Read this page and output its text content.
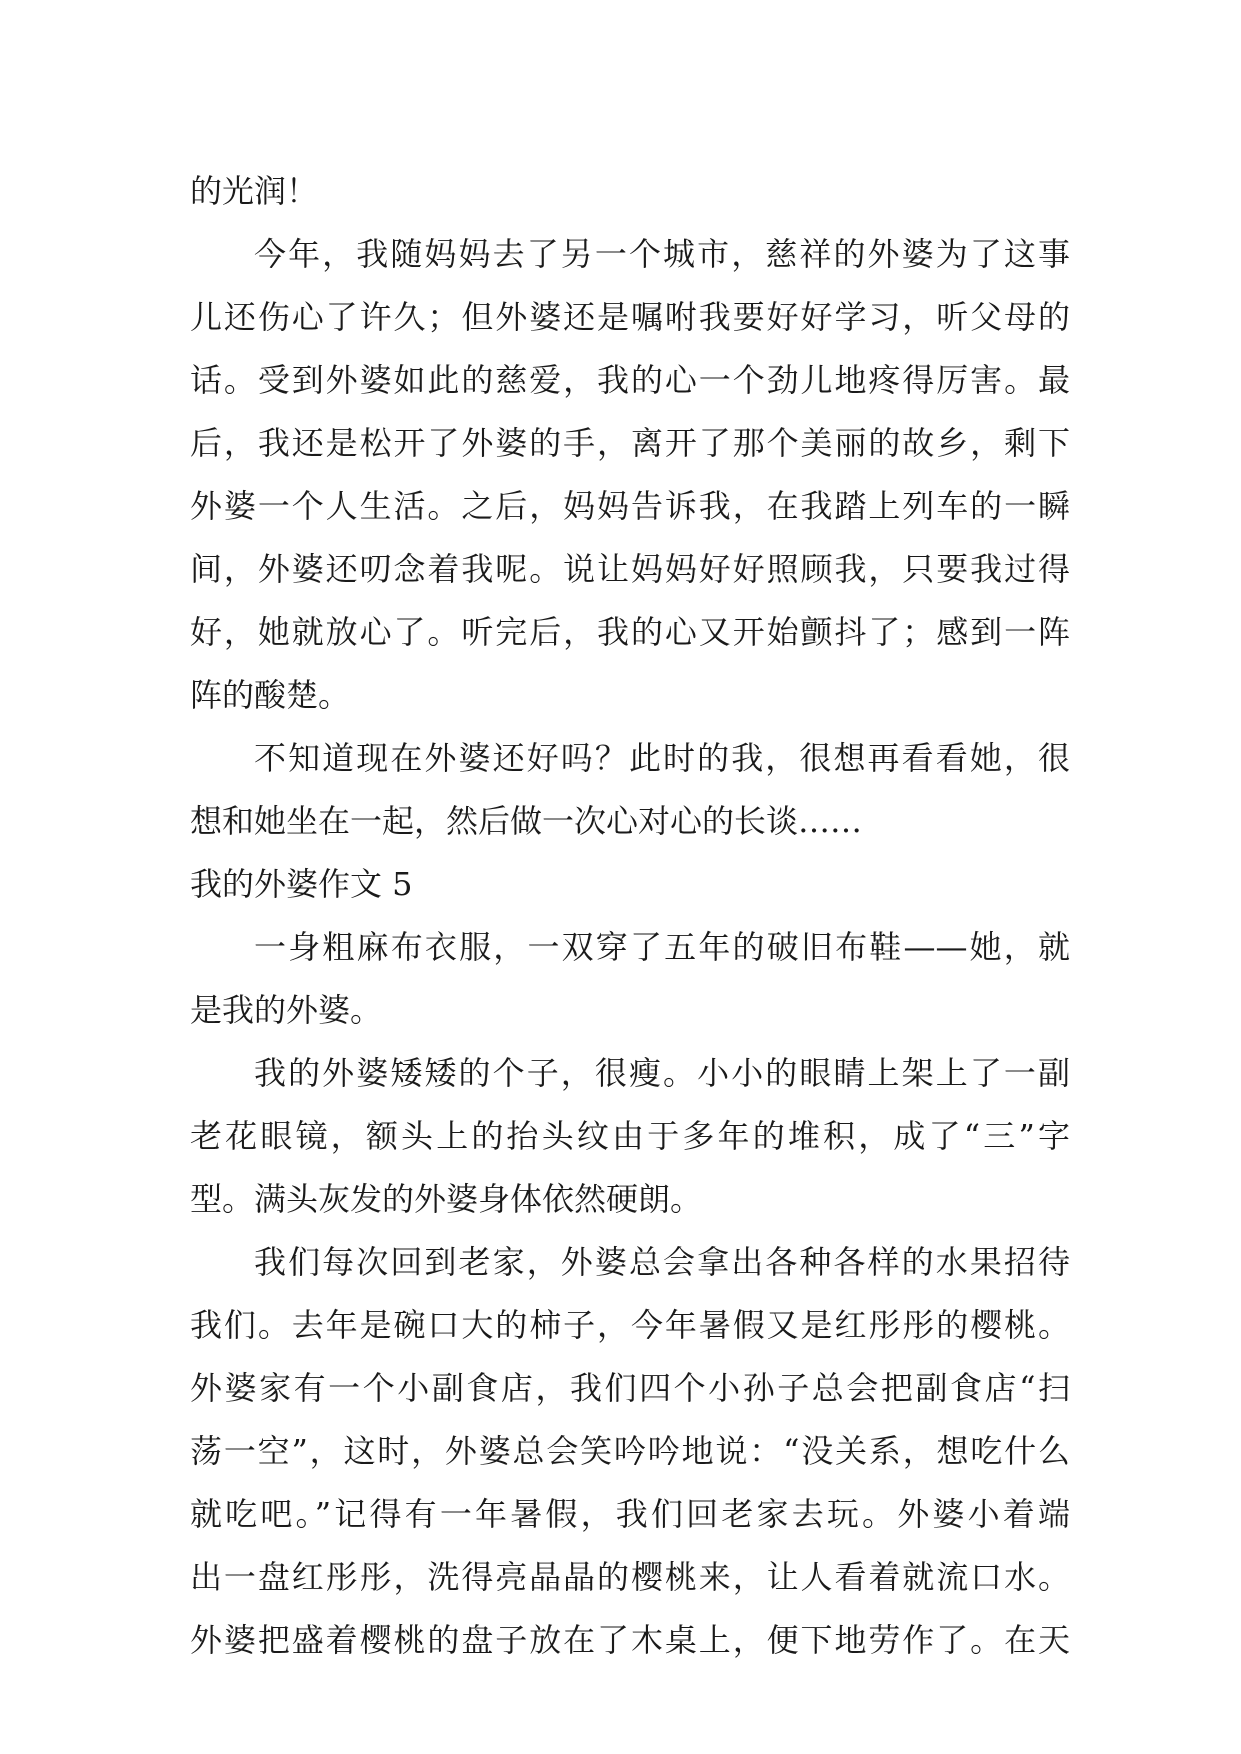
的光润！
今年，我随妈妈去了另一个城市，慈祥的外婆为了这事
儿还伤心了许久；但外婆还是嘱咐我要好好学习，听父母的
话。受到外婆如此的慈爱，我的心一个劲儿地疼得厉害。最
后，我还是松开了外婆的手，离开了那个美丽的故乡，剩下
外婆一个人生活。之后，妈妈告诉我，在我踏上列车的一瞬
间，外婆还叨念着我呢。说让妈妈好好照顾我，只要我过得
好，她就放心了。听完后，我的心又开始颤抖了；感到一阵
阵的酸楚。
不知道现在外婆还好吗？此时的我，很想再看看她，很
想和她坐在一起，然后做一次心对心的长谈……
我的外婆作文 5
一身粗麻布衣服，一双穿了五年的破旧布鞋——她，就
是我的外婆。
我的外婆矮矮的个子，很瘦。小小的眼睛上架上了一副
老花眼镜，额头上的抬头纹由于多年的堆积，成了“三”字
型。满头灰发的外婆身体依然硬朗。
我们每次回到老家，外婆总会拿出各种各样的水果招待
我们。去年是碗口大的柿子，今年暑假又是红彤彤的樱桃。
外婆家有一个小副食店，我们四个小孙子总会把副食店“扫
荡一空”，这时，外婆总会笑吟吟地说：“没关系，想吃什么
就吃吧。”记得有一年暑假，我们回老家去玩。外婆小着端
出一盘红彤彤，洗得亮晶晶的樱桃来，让人看着就流口水。
外婆把盛着樱桃的盘子放在了木桌上，便下地劳作了。在天
